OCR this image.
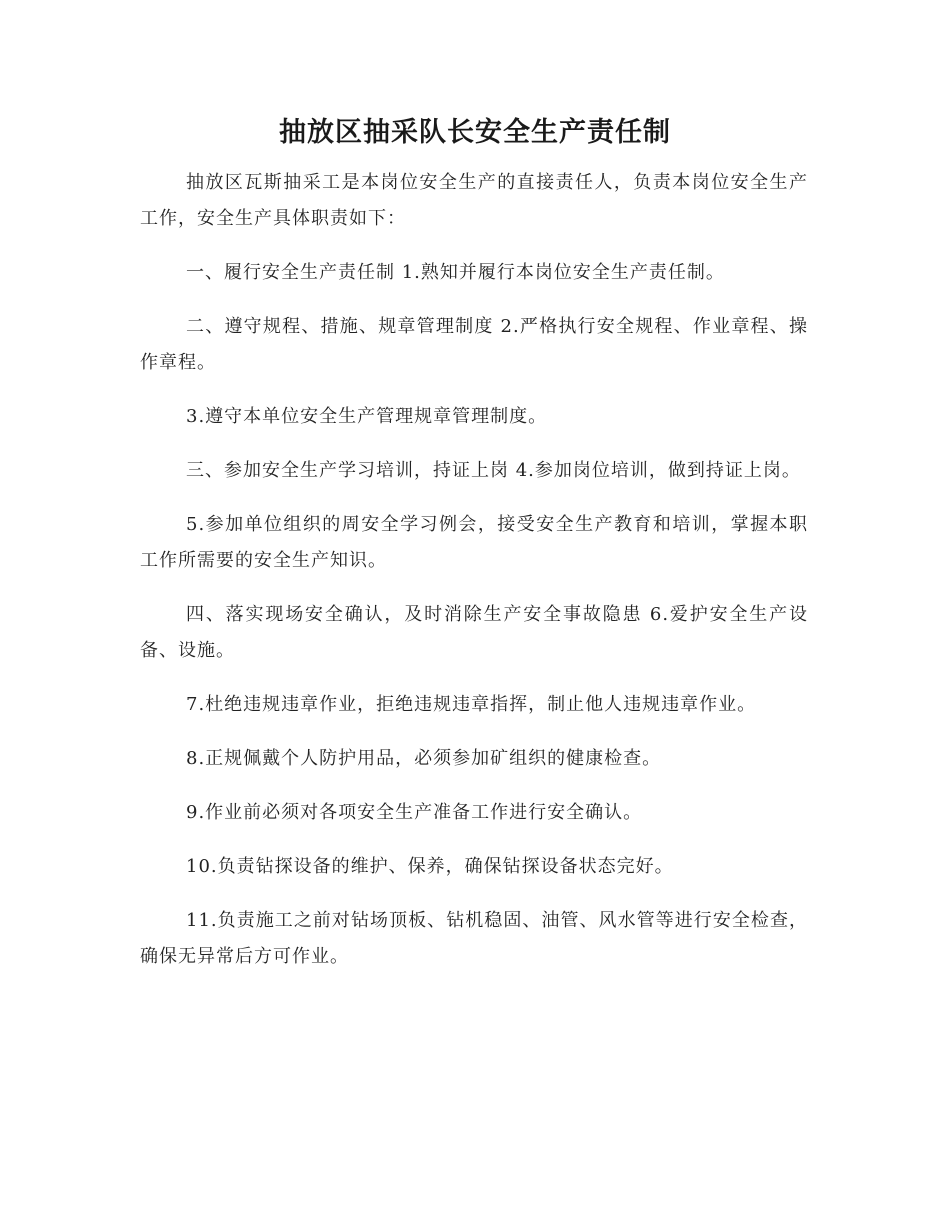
抽放区抽采队长安全生产责任制

抽放区瓦斯抽采工是本岗位安全生产的直接责任人，负责本岗位安全生产工作，安全生产具体职责如下：

一、履行安全生产责任制 1.熟知并履行本岗位安全生产责任制。

二、遵守规程、措施、规章管理制度 2.严格执行安全规程、作业章程、操作章程。

3.遵守本单位安全生产管理规章管理制度。

三、参加安全生产学习培训，持证上岗 4.参加岗位培训，做到持证上岗。

5.参加单位组织的周安全学习例会，接受安全生产教育和培训，掌握本职工作所需要的安全生产知识。

四、落实现场安全确认，及时消除生产安全事故隐患 6.爱护安全生产设备、设施。

7.杜绝违规违章作业，拒绝违规违章指挥，制止他人违规违章作业。

8.正规佩戴个人防护用品，必须参加矿组织的健康检查。

9.作业前必须对各项安全生产准备工作进行安全确认。

10.负责钻探设备的维护、保养，确保钻探设备状态完好。

11.负责施工之前对钻场顶板、钻机稳固、油管、风水管等进行安全检查，确保无异常后方可作业。
